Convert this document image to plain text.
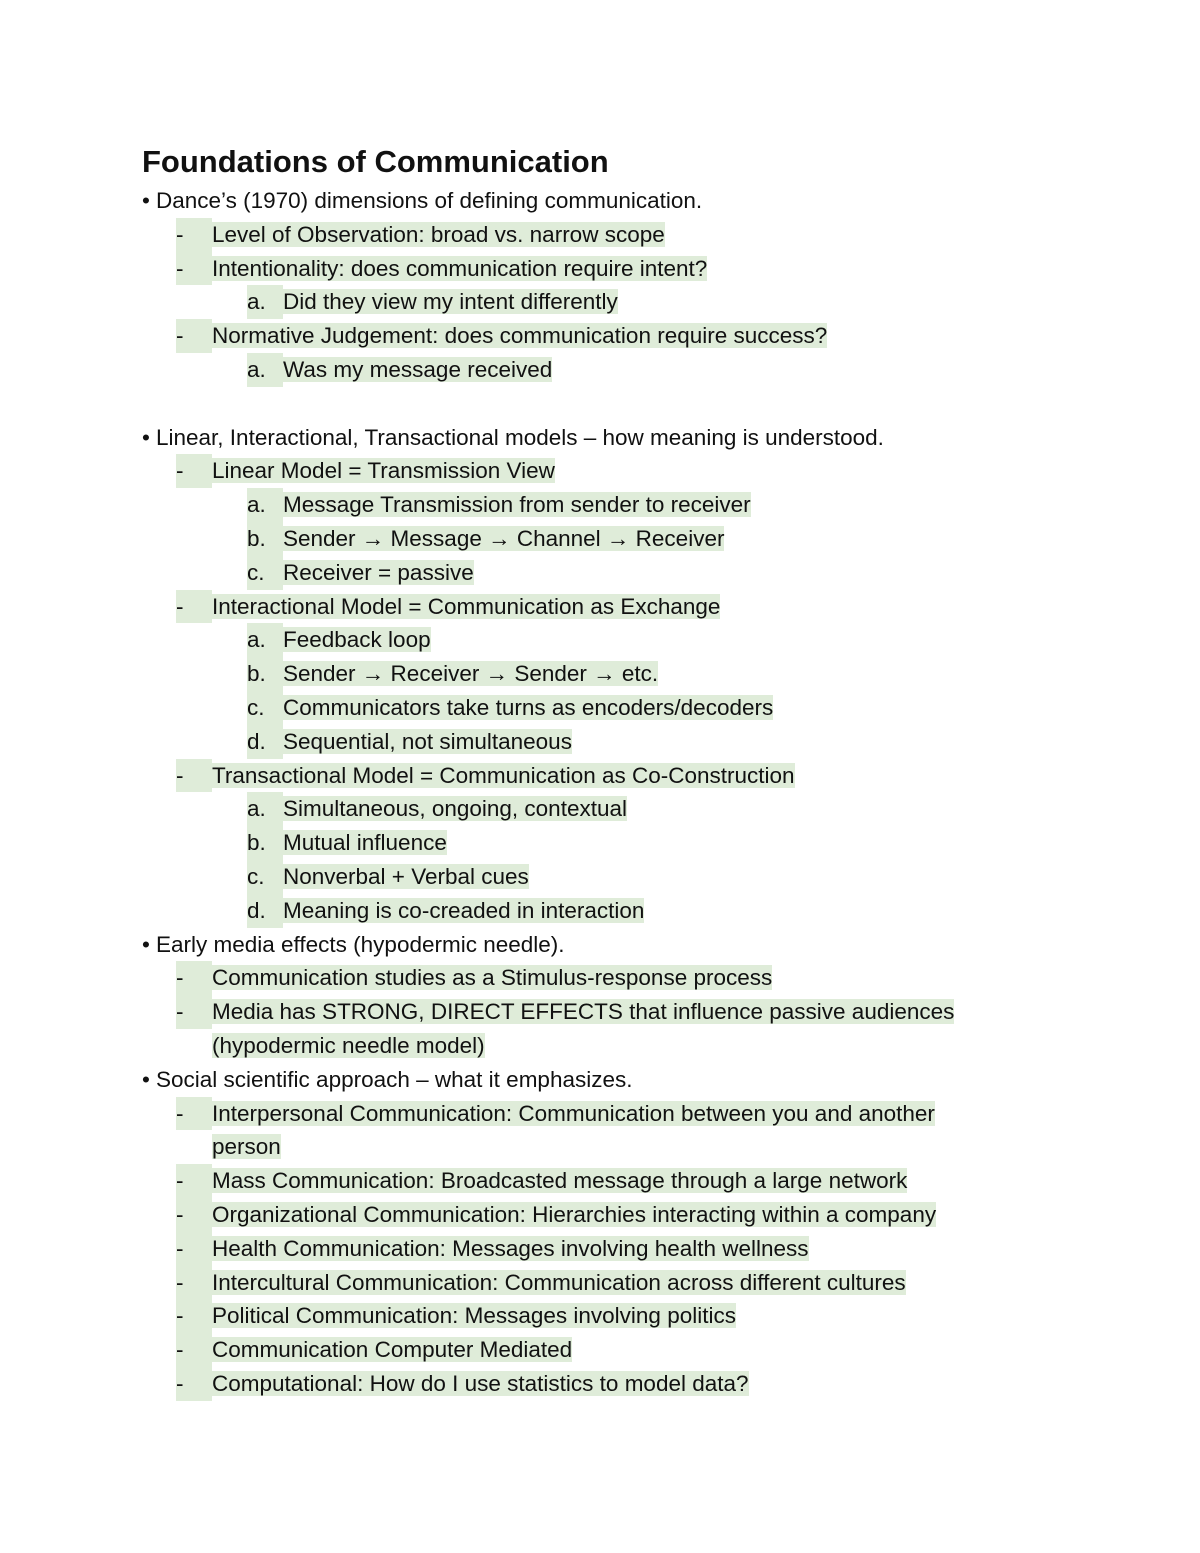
Foundations of Communication
• Dance’s (1970) dimensions of defining communication.
- Level of Observation: broad vs. narrow scope
- Intentionality: does communication require intent?
a. Did they view my intent differently
- Normative Judgement: does communication require success?
a. Was my message received
• Linear, Interactional, Transactional models – how meaning is understood.
- Linear Model = Transmission View
a. Message Transmission from sender to receiver
b. Sender → Message → Channel → Receiver
c. Receiver = passive
- Interactional Model = Communication as Exchange
a. Feedback loop
b. Sender → Receiver → Sender → etc.
c. Communicators take turns as encoders/decoders
d. Sequential, not simultaneous
- Transactional Model = Communication as Co-Construction
a. Simultaneous, ongoing, contextual
b. Mutual influence
c. Nonverbal + Verbal cues
d. Meaning is co-creaded in interaction
• Early media effects (hypodermic needle).
- Communication studies as a Stimulus-response process
- Media has STRONG, DIRECT EFFECTS that influence passive audiences
(hypodermic needle model)
• Social scientific approach – what it emphasizes.
- Interpersonal Communication: Communication between you and another
person
- Mass Communication: Broadcasted message through a large network
- Organizational Communication: Hierarchies interacting within a company
- Health Communication: Messages involving health wellness
- Intercultural Communication: Communication across different cultures
- Political Communication: Messages involving politics
- Communication Computer Mediated
- Computational: How do I use statistics to model data?
